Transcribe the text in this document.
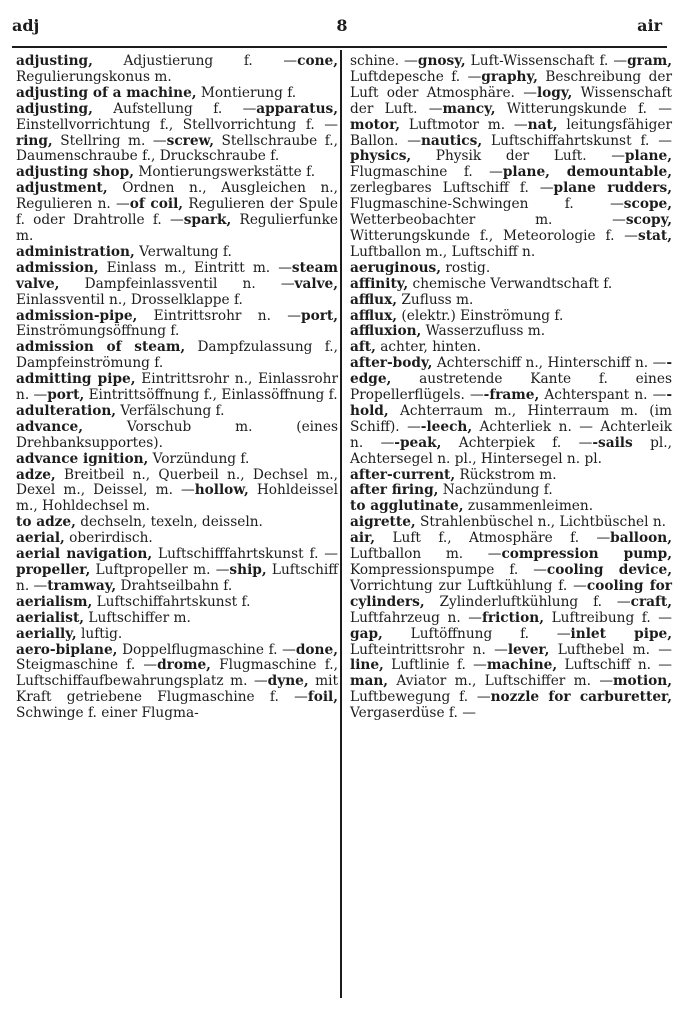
adj	8	air
adjusting, Adjustierung f. —cone, Regulierungskonus m.
adjusting of a machine, Montierung f.
adjusting, Aufstellung f. —apparatus, Einstellvorrichtung f., Stellvorrichtung f. —ring, Stellring m. —screw, Stellschraube f., Daumenschraube f., Druckschraube f.
adjusting shop, Montierungswerkstätte f.
adjustment, Ordnen n., Ausgleichen n., Regulieren n. —of coil, Regulieren der Spule f. oder Drahtrolle f. —spark, Regulierfunke m.
administration, Verwaltung f.
admission, Einlass m., Eintritt m. —steam valve, Dampfeinlassventil n. —valve, Einlassventil n., Drosselklappe f.
admission-pipe, Eintrittsrohr n. —port, Einströmungsöffnung f.
admission of steam, Dampfzulassung f., Dampfeinströmung f.
admitting pipe, Eintrittsrohr n., Einlassrohr n. —port, Eintrittsöffnung f., Einlassöffnung f.
adulteration, Verfälschung f.
advance, Vorschub m. (eines Drehbanksupportes).
advance ignition, Vorzündung f.
adze, Breitbeil n., Querbeil n., Dechsel m., Dexel m., Deissel, m. —hollow, Hohldeissel m., Hohldechsel m.
to adze, dechseln, texeln, deisseln.
aerial, oberirdisch.
aerial navigation, Luftschifffahrtskunst f. —propeller, Luftpropeller m. —ship, Luftschiff n. —tramway, Drahtseilbahn f.
aerialism, Luftschiffahrtskunst f.
aerialist, Luftschiffer m.
aerially, luftig.
aero-biplane, Doppelflugmaschine f. —done, Steigmaschine f. —drome, Flugmaschine f., Luftschiffaufbewahrungsplatz m. —dyne, mit Kraft getriebene Flugmaschine f. —foil, Schwinge f. einer Flugma-
schine. —gnosy, Luft-Wissenschaft f. —gram, Luftdepesche f. —graphy, Beschreibung der Luft oder Atmosphäre. —logy, Wissenschaft der Luft. —mancy, Witterungskunde f. —motor, Luftmotor m. —nat, leitungsfähiger Ballon. —nautics, Luftschiffahrtskunst f. —physics, Physik der Luft. —plane, Flugmaschine f. —plane, demountable, zerlegbares Luftschiff f. —plane rudders, Flugmaschine-Schwingen f. —scope, Wetterbeobachter m. —scopy, Witterungskunde f., Meteorologie f. —stat, Luftballon m., Luftschiff n.
aeruginous, rostig.
affinity, chemische Verwandtschaft f.
afflux, Zufluss m.
afflux, (elektr.) Einströmung f.
affluxion, Wasserzufluss m.
aft, achter, hinten.
after-body, Achterschiff n., Hinterschiff n. —-edge, austretende Kante f. eines Propellerflügels. —-frame, Achterspant n. —-hold, Achterraum m., Hinterraum m. (im Schiff). —-leech, Achterliek n. — Achterleik n. —-peak, Achterpiek f. —-sails pl., Achtersegel n. pl., Hintersegel n. pl.
after-current, Rückstrom m.
after firing, Nachzündung f.
to agglutinate, zusammenleimen.
aigrette, Strahlenbüschel n., Lichtbüschel n.
air, Luft f., Atmosphäre f. —balloon, Luftballon m. —compression pump, Kompressionspumpe f. —cooling device, Vorrichtung zur Luftkühlung f. —cooling for cylinders, Zylinderluftkühlung f. —craft, Luftfahrzeug n. —friction, Luftreibung f. —gap, Luftöffnung f. —inlet pipe, Lufteintrittsrohr n. —lever, Lufthebel m. —line, Luftlinie f. —machine, Luftschiff n. —man, Aviator m., Luftschiffer m. —motion, Luftbewegung f. —nozzle for carburetter, Vergaserdüse f. —
